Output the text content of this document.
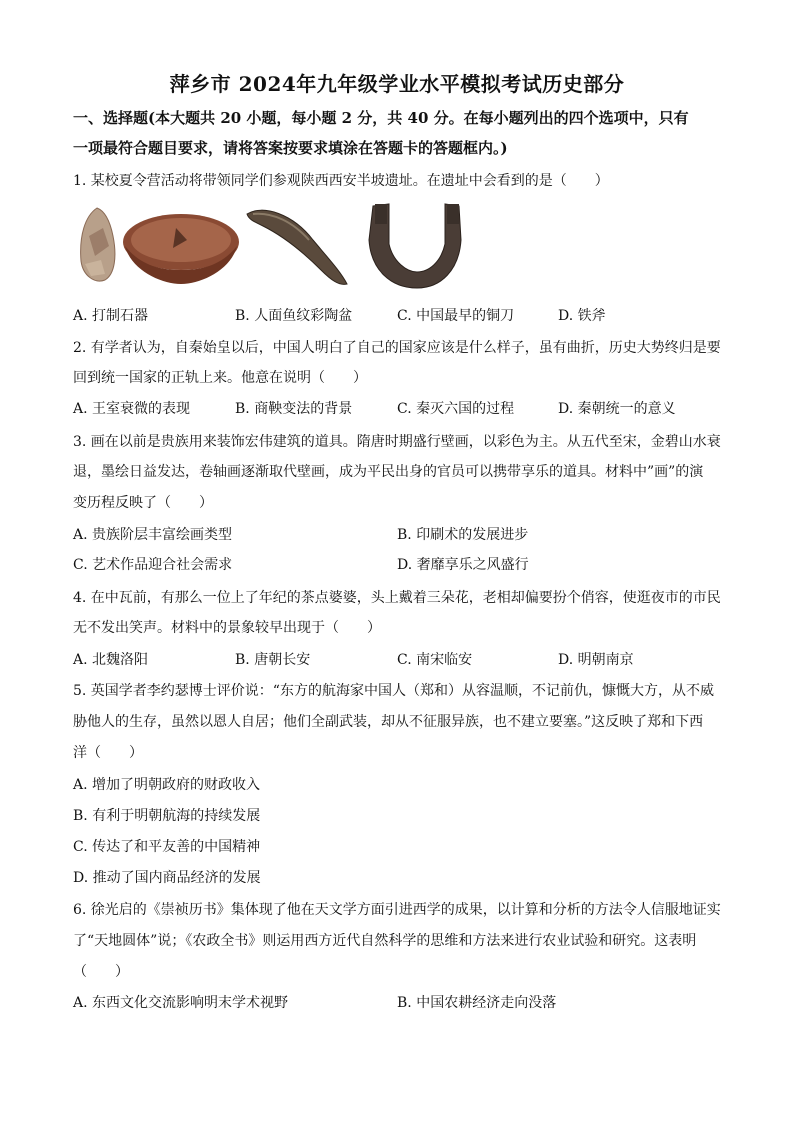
萍乡市 2024年九年级学业水平模拟考试历史部分
一、选择题(本大题共 20 小题，每小题 2 分，共 40 分。在每小题列出的四个选项中，只有
一项最符合题目要求，请将答案按要求填涂在答题卡的答题框内。)
1. 某校夏令营活动将带领同学们参观陕西西安半坡遗址。在遗址中会看到的是（　　）
A. 打制石器	B. 人面鱼纹彩陶盆	C. 中国最早的铜刀	D. 铁斧
2. 有学者认为，自秦始皇以后，中国人明白了自己的国家应该是什么样子，虽有曲折，历史大势终归是要
回到统一国家的正轨上来。他意在说明（　　）
A. 王室衰微的表现	B. 商鞅变法的背景	C. 秦灭六国的过程	D. 秦朝统一的意义
3. 画在以前是贵族用来装饰宏伟建筑的道具。隋唐时期盛行壁画，以彩色为主。从五代至宋，金碧山水衰
退，墨绘日益发达，卷轴画逐渐取代壁画，成为平民出身的官员可以携带享乐的道具。材料中”画”的演
变历程反映了（　　）
A. 贵族阶层丰富绘画类型	B. 印刷术的发展进步
C. 艺术作品迎合社会需求	D. 奢靡享乐之风盛行
4. 在中瓦前，有那么一位上了年纪的茶点婆婆，头上戴着三朵花，老相却偏要扮个俏容，使逛夜市的市民
无不发出笑声。材料中的景象较早出现于（　　）
A. 北魏洛阳	B. 唐朝长安	C. 南宋临安	D. 明朝南京
5. 英国学者李约瑟博士评价说：“东方的航海家中国人（郑和）从容温顺，不记前仇，慷慨大方，从不威
胁他人的生存，虽然以恩人自居；他们全副武装，却从不征服异族，也不建立要塞。”这反映了郑和下西
洋（　　）
A. 增加了明朝政府的财政收入
B. 有利于明朝航海的持续发展
C. 传达了和平友善的中国精神
D. 推动了国内商品经济的发展
6. 徐光启的《崇祯历书》集体现了他在天文学方面引进西学的成果，以计算和分析的方法令人信服地证实
了“天地圆体”说；《农政全书》则运用西方近代自然科学的思维和方法来进行农业试验和研究。这表明
（　　）
A. 东西文化交流影响明末学术视野	B. 中国农耕经济走向没落
